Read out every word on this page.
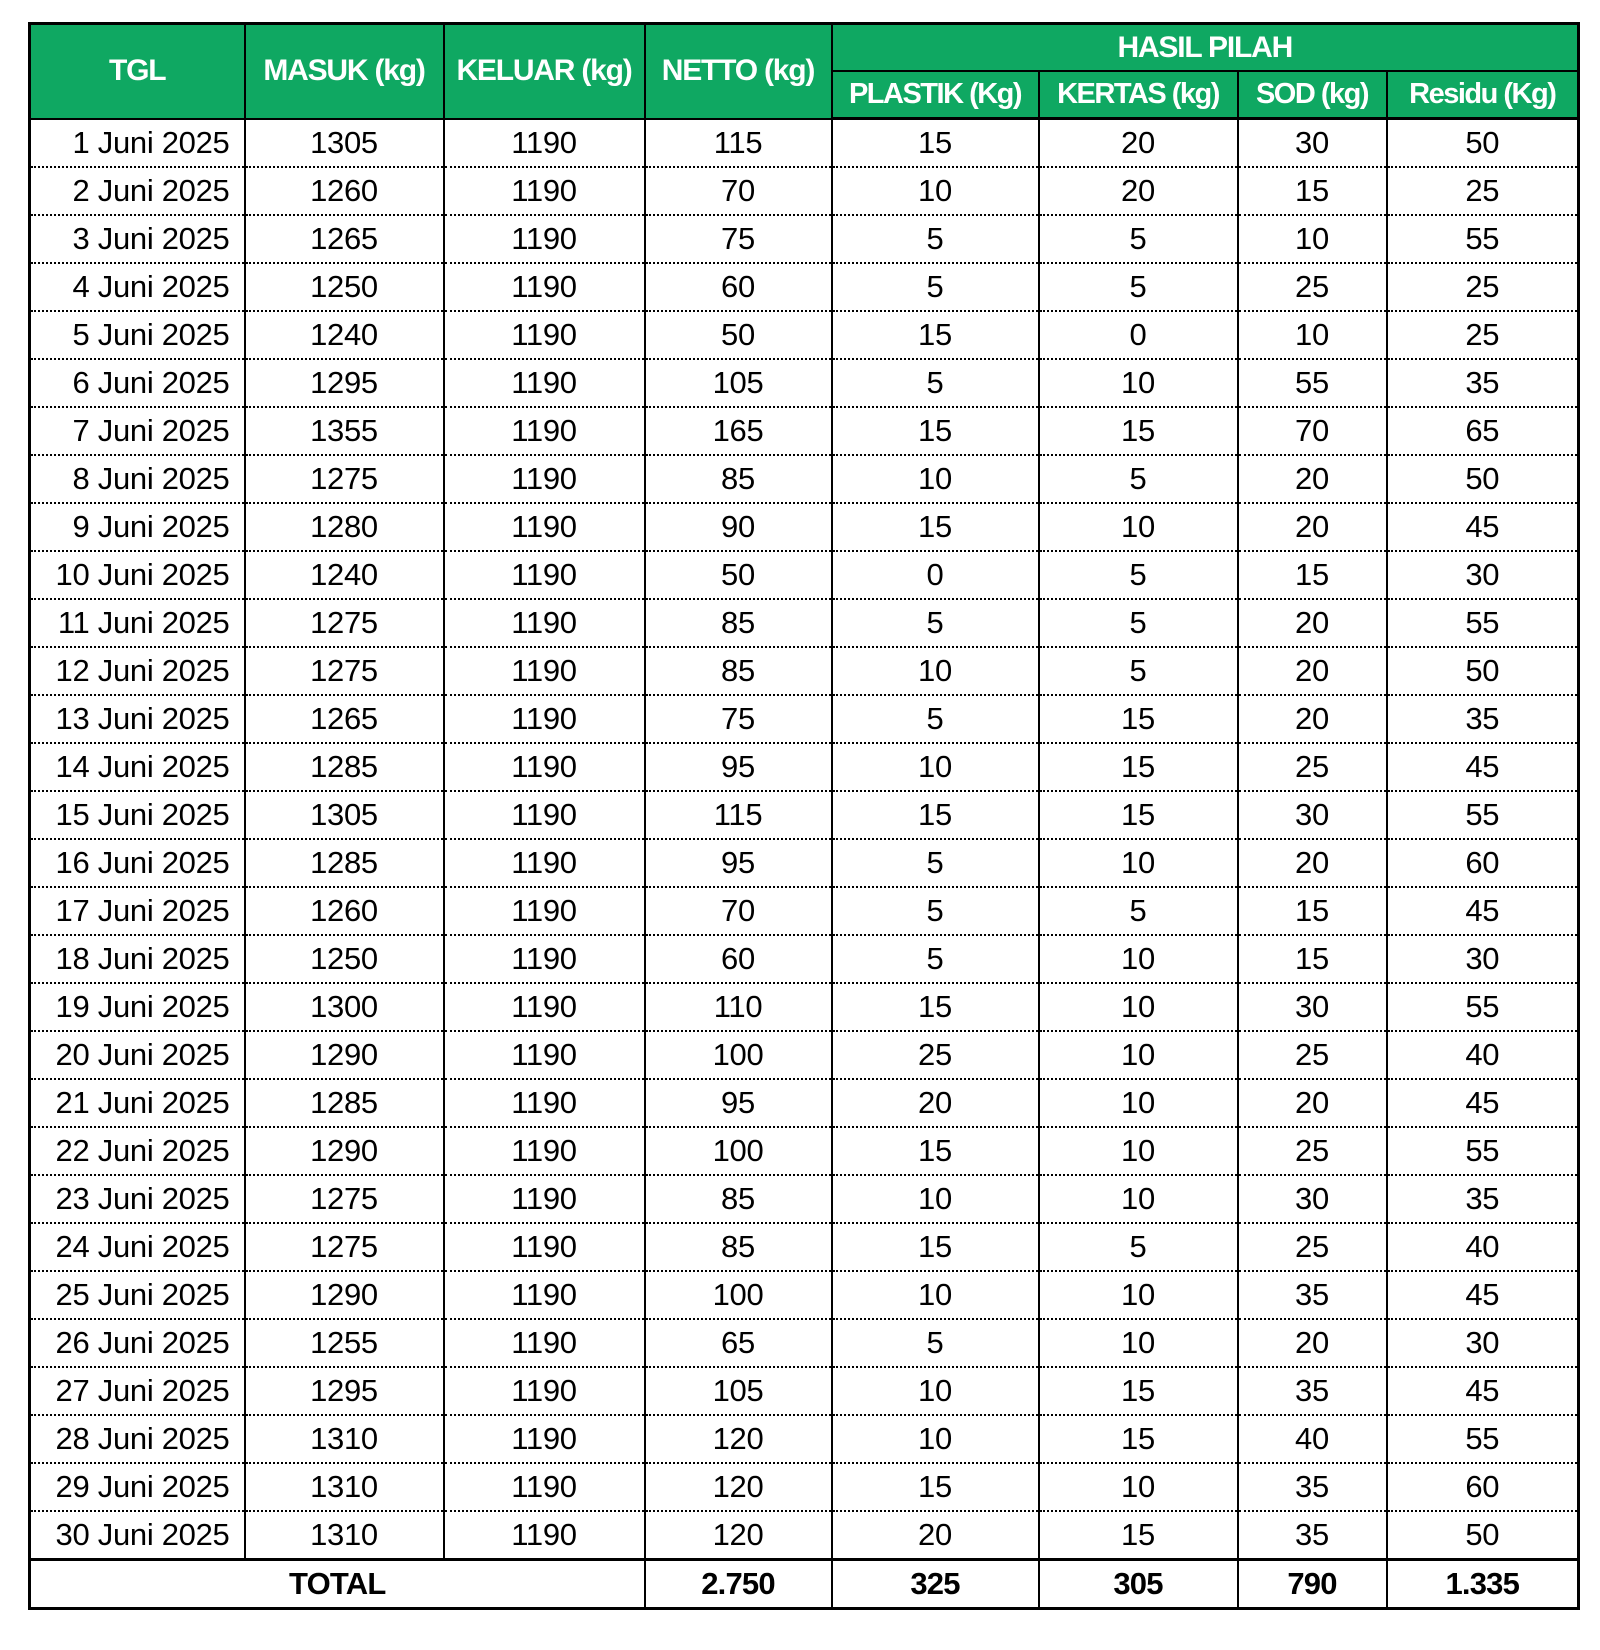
TGL	MASUK (kg)	KELUAR (kg)	NETTO (kg)	HASIL PILAH			
				PLASTIK (Kg)	KERTAS (kg)	SOD (kg)	Residu (Kg)
1 Juni 2025	1305	1190	115	15	20	30	50
2 Juni 2025	1260	1190	70	10	20	15	25
3 Juni 2025	1265	1190	75	5	5	10	55
4 Juni 2025	1250	1190	60	5	5	25	25
5 Juni 2025	1240	1190	50	15	0	10	25
6 Juni 2025	1295	1190	105	5	10	55	35
7 Juni 2025	1355	1190	165	15	15	70	65
8 Juni 2025	1275	1190	85	10	5	20	50
9 Juni 2025	1280	1190	90	15	10	20	45
10 Juni 2025	1240	1190	50	0	5	15	30
11 Juni 2025	1275	1190	85	5	5	20	55
12 Juni 2025	1275	1190	85	10	5	20	50
13 Juni 2025	1265	1190	75	5	15	20	35
14 Juni 2025	1285	1190	95	10	15	25	45
15 Juni 2025	1305	1190	115	15	15	30	55
16 Juni 2025	1285	1190	95	5	10	20	60
17 Juni 2025	1260	1190	70	5	5	15	45
18 Juni 2025	1250	1190	60	5	10	15	30
19 Juni 2025	1300	1190	110	15	10	30	55
20 Juni 2025	1290	1190	100	25	10	25	40
21 Juni 2025	1285	1190	95	20	10	20	45
22 Juni 2025	1290	1190	100	15	10	25	55
23 Juni 2025	1275	1190	85	10	10	30	35
24 Juni 2025	1275	1190	85	15	5	25	40
25 Juni 2025	1290	1190	100	10	10	35	45
26 Juni 2025	1255	1190	65	5	10	20	30
27 Juni 2025	1295	1190	105	10	15	35	45
28 Juni 2025	1310	1190	120	10	15	40	55
29 Juni 2025	1310	1190	120	15	10	35	60
30 Juni 2025	1310	1190	120	20	15	35	50
TOTAL			2.750	325	305	790	1.335
